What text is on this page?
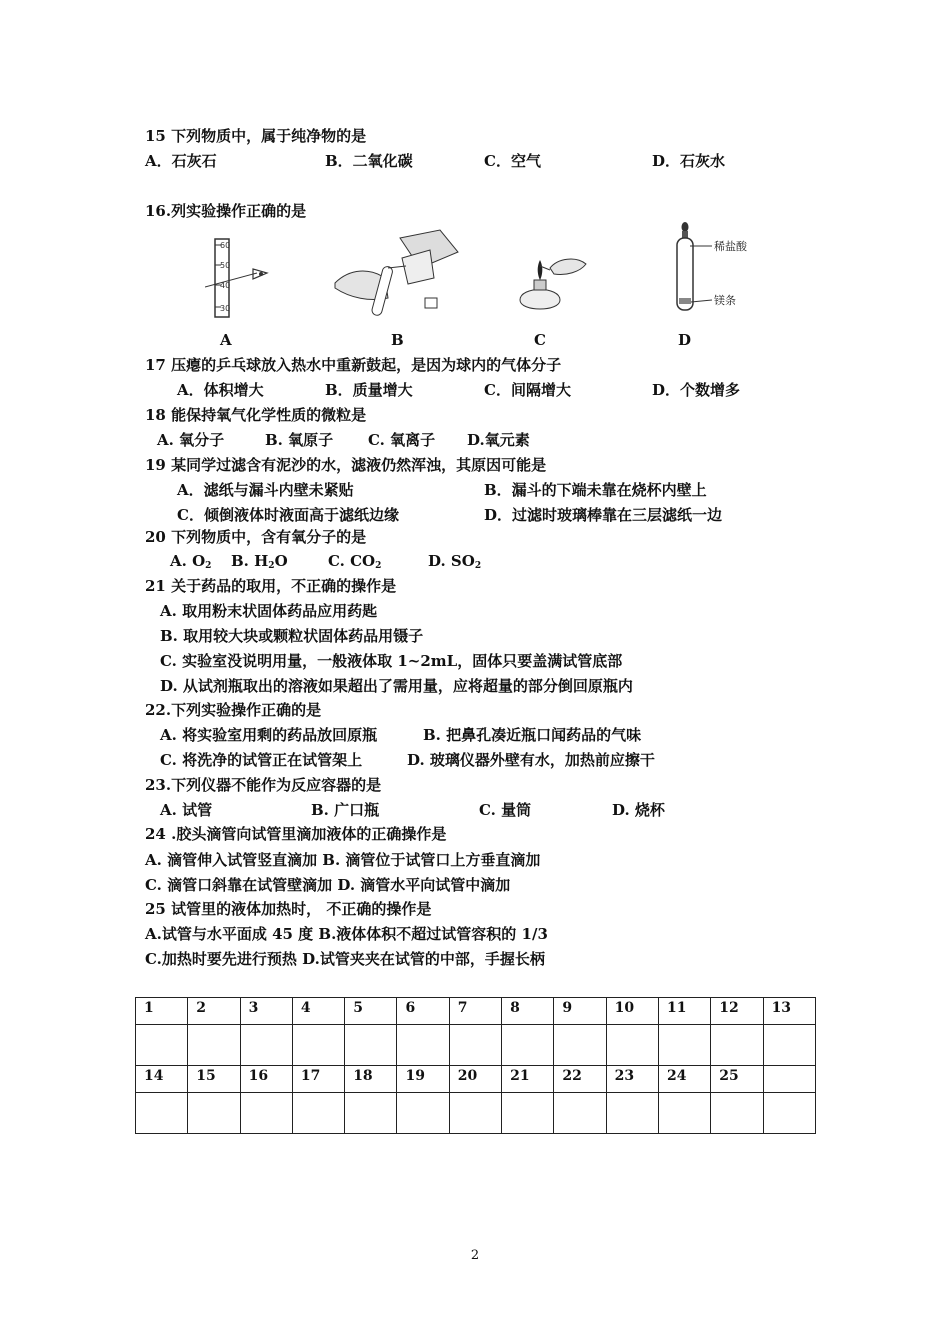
15 下列物质中，属于纯净物的是
A．石灰石	B．二氧化碳	C．空气	D．石灰水
16.列实验操作正确的是
60
50
40
30
稀盐酸
镁条
A	B	C	D
17 压瘪的乒乓球放入热水中重新鼓起，是因为球内的气体分子
A．体积增大	B．质量增大	C．间隔增大	D．个数增多
18 能保持氧气化学性质的微粒是
A. 氧分子	B. 氧原子 C. 氧离子 D.氧元素
19 某同学过滤含有泥沙的水，滤液仍然浑浊，其原因可能是
A．滤纸与漏斗内壁未紧贴	B．漏斗的下端未靠在烧杯内壁上
C．倾倒液体时液面高于滤纸边缘	D．过滤时玻璃棒靠在三层滤纸一边
20 下列物质中，含有氧分子的是
A. $O_2$ B. $H_2O$	C. $CO_2$	D. $SO_2$
21 关于药品的取用，不正确的操作是
A. 取用粉末状固体药品应用药匙
B. 取用较大块或颗粒状固体药品用镊子
C. 实验室没说明用量，一般液体取 1~2mL，固体只要盖满试管底部
D. 从试剂瓶取出的溶液如果超出了需用量，应将超量的部分倒回原瓶内
22.下列实验操作正确的是
A. 将实验室用剩的药品放回原瓶	B. 把鼻孔凑近瓶口闻药品的气味
C. 将洗净的试管正在试管架上	D. 玻璃仪器外壁有水，加热前应擦干
23.下列仪器不能作为反应容器的是
A. 试管	B. 广口瓶	C. 量筒	D. 烧杯
24 .胶头滴管向试管里滴加液体的正确操作是
A. 滴管伸入试管竖直滴加 B. 滴管位于试管口上方垂直滴加
C. 滴管口斜靠在试管壁滴加 D. 滴管水平向试管中滴加
25 试管里的液体加热时， 不正确的操作是
A.试管与水平面成 45 度 B.液体体积不超过试管容积的 1/3
C.加热时要先进行预热 D.试管夹夹在试管的中部，手握长柄
1	2	3	4	5	6	7	8	9	10	11	12	13

14	15	16	17	18	19	20	21	22	23	24	25	

2
